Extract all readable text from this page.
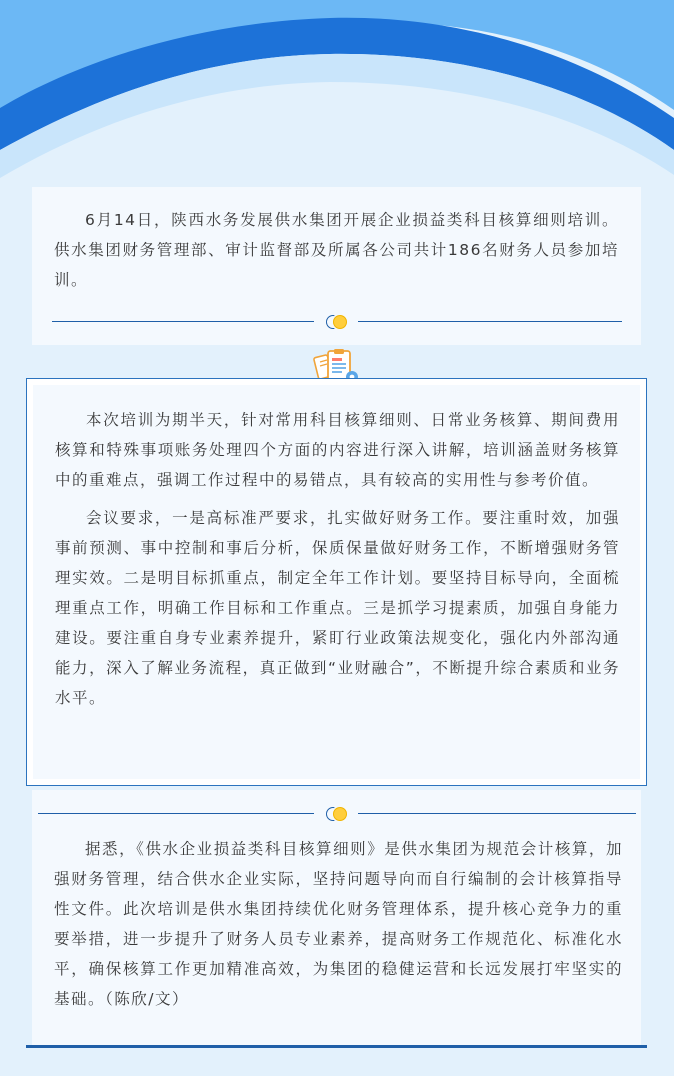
6月14日，陕西水务发展供水集团开展企业损益类科目核算细则培训。供水集团财务管理部、审计监督部及所属各公司共计186名财务人员参加培训。

本次培训为期半天，针对常用科目核算细则、日常业务核算、期间费用核算和特殊事项账务处理四个方面的内容进行深入讲解，培训涵盖财务核算中的重难点，强调工作过程中的易错点，具有较高的实用性与参考价值。

会议要求，一是高标准严要求，扎实做好财务工作。要注重时效，加强事前预测、事中控制和事后分析，保质保量做好财务工作，不断增强财务管理实效。二是明目标抓重点，制定全年工作计划。要坚持目标导向，全面梳理重点工作，明确工作目标和工作重点。三是抓学习提素质，加强自身能力建设。要注重自身专业素养提升，紧盯行业政策法规变化，强化内外部沟通能力，深入了解业务流程，真正做到“业财融合”，不断提升综合素质和业务水平。

据悉，《供水企业损益类科目核算细则》是供水集团为规范会计核算，加强财务管理，结合供水企业实际，坚持问题导向而自行编制的会计核算指导性文件。此次培训是供水集团持续优化财务管理体系，提升核心竞争力的重要举措，进一步提升了财务人员专业素养，提高财务工作规范化、标准化水平，确保核算工作更加精准高效，为集团的稳健运营和长远发展打牢坚实的基础。（陈欣/文）
